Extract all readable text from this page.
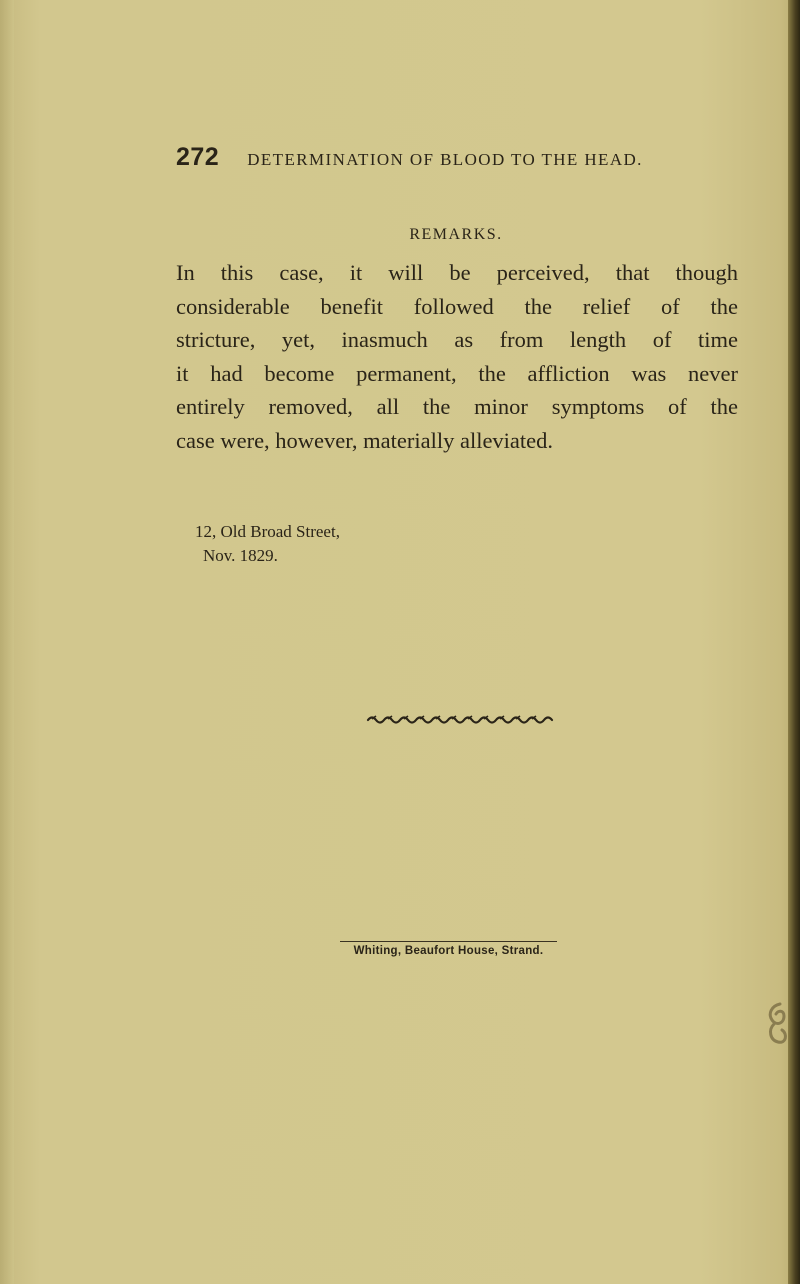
272 DETERMINATION OF BLOOD TO THE HEAD.
REMARKS.
In this case, it will be perceived, that though
considerable benefit followed the relief of the
stricture, yet, inasmuch as from length of time
it had become permanent, the affliction was never
entirely removed, all the minor symptoms of the
case were, however, materially alleviated.
12, Old Broad Street,
Nov. 1829.
Whiting, Beaufort House, Strand.
